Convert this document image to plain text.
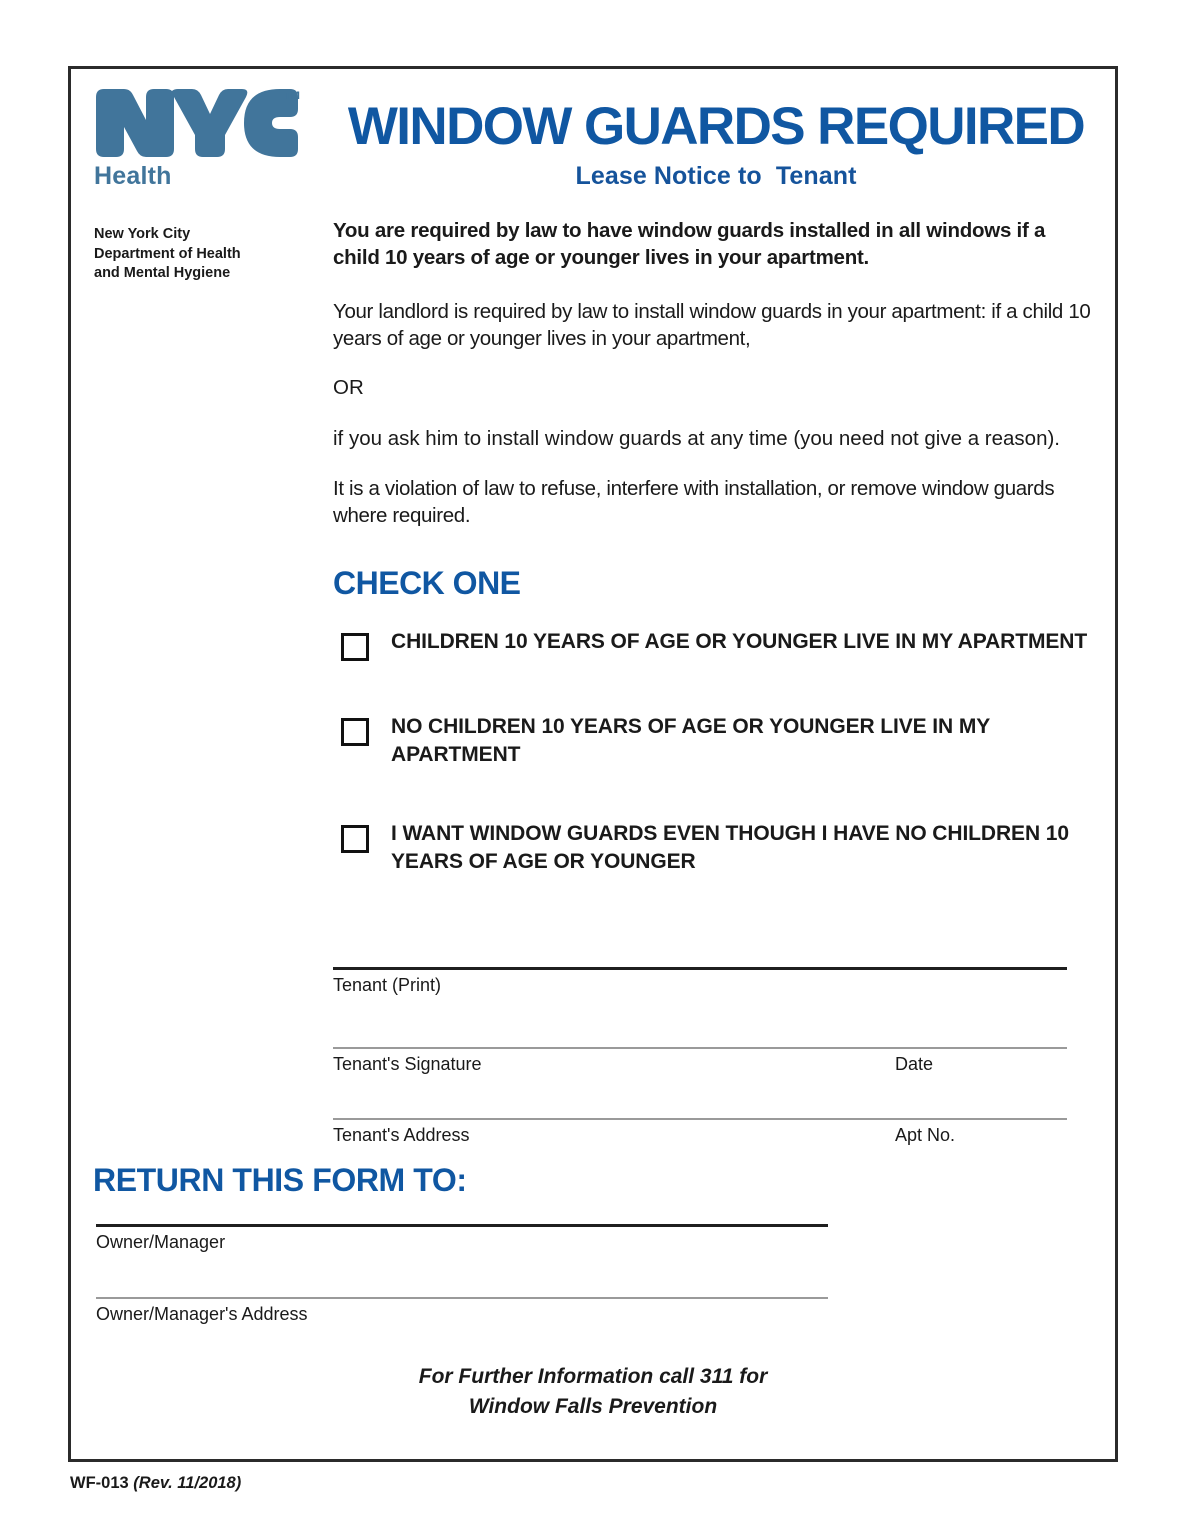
TM
Health
New York City
Department of Health
and Mental Hygiene
WINDOW GUARDS REQUIRED
Lease Notice to  Tenant

You are required by law to have window guards installed in all windows if a child 10 years of age or younger lives in your apartment.

Your landlord is required by law to install window guards in your apartment: if a child 10 years of age or younger lives in your apartment,

OR

if you ask him to install window guards at any time (you need not give a reason).

It is a violation of law to refuse, interfere with installation, or remove window guards where required.

CHECK ONE
CHILDREN 10 YEARS OF AGE OR YOUNGER LIVE IN MY APARTMENT
NO CHILDREN 10 YEARS OF AGE OR YOUNGER LIVE IN MY APARTMENT
I WANT WINDOW GUARDS EVEN THOUGH I HAVE NO CHILDREN 10 YEARS OF AGE OR YOUNGER
Tenant (Print)
Tenant's Signature	Date
Tenant's Address	Apt No.
RETURN THIS FORM TO:
Owner/Manager
Owner/Manager's Address
For Further Information call 311 for
Window Falls Prevention
WF-013 (Rev. 11/2018)
